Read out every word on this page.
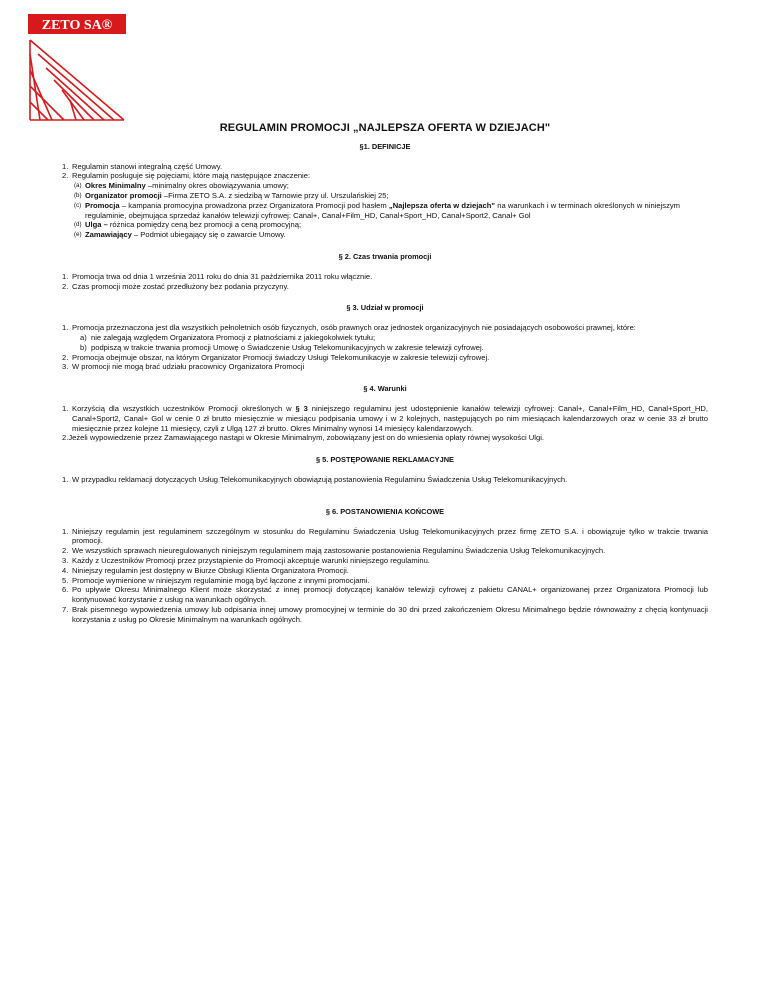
ZETO SA®
REGULAMIN PROMOCJI „NAJLEPSZA OFERTA W DZIEJACH"
§1. DEFINICJE
1. Regulamin stanowi integralną część Umowy.
2. Regulamin posługuje się pojęciami, które mają następujące znaczenie:
(a) Okres Minimalny –minimalny okres obowiązywania umowy;
(b) Organizator promocji –Firma ZETO S.A. z siedzibą w Tarnowie przy ul. Urszulańskiej 25;
(c) Promocja – kampania promocyjna prowadzona przez Organizatora Promocji pod hasłem „Najlepsza oferta w dziejach" na warunkach i w terminach określonych w niniejszym regulaminie, obejmująca sprzedaż kanałów telewizji cyfrowej: Canal+, Canal+Film_HD, Canal+Sport_HD, Canal+Sport2, Canal+ Gol
(d) Ulga – różnica pomiędzy ceną bez promocji a ceną promocyjną;
(e) Zamawiający – Podmiot ubiegający się o zawarcie Umowy.
§ 2. Czas trwania promocji
1. Promocja trwa od dnia 1 września 2011 roku do dnia 31 października 2011 roku włącznie.
2. Czas promocji może zostać przedłużony bez podania przyczyny.
§ 3. Udział w promocji
1. Promocja przeznaczona jest dla wszystkich pełnoletnich osób fizycznych, osób prawnych oraz jednostek organizacyjnych nie posiadających osobowości prawnej, które:
a) nie zalegają względem Organizatora Promocji z płatnościami z jakiegokolwiek tytułu;
b) podpiszą w trakcie trwania promocji Umowę o Świadczenie Usług Telekomunikacyjnych w zakresie telewizji cyfrowej.
2. Promocja obejmuje obszar, na którym Organizator Promocji świadczy Usługi Telekomunikacyje w zakresie telewizji cyfrowej.
3. W promocji nie mogą brać udziału pracownicy Organizatora Promocji
§ 4. Warunki
1. Korzyścią dla wszystkich uczestników Promocji określonych w § 3 niniejszego regulaminu jest udostępnienie kanałów telewizji cyfrowej: Canal+, Canal+Film_HD, Canal+Sport_HD, Canal+Sport2, Canal+ Gol w cenie 0 zł brutto miesięcznie w miesiącu podpisania umowy i w 2 kolejnych, następujących po nim miesiącach kalendarzowych oraz w cenie 33 zł brutto miesięcznie przez kolejne 11 miesięcy, czyli z Ulgą 127 zł brutto. Okres Minimalny wynosi 14 miesięcy kalendarzowych.
2.Jeżeli wypowiedzenie przez Zamawiającego nastąpi w Okresie Minimalnym, zobowiązany jest on do wniesienia opłaty równej wysokości Ulgi.
§ 5. POSTĘPOWANIE REKLAMACYJNE
1. W przypadku reklamacji dotyczących Usług Telekomunikacyjnych obowiązują postanowienia Regulaminu Świadczenia Usług Telekomunikacyjnych.
§ 6. POSTANOWIENIA KOŃCOWE
1. Niniejszy regulamin jest regulaminem szczególnym w stosunku do Regulaminu Świadczenia Usług Telekomunikacyjnych przez firmę ZETO S.A. i obowiązuje tylko w trakcie trwania promocji.
2. We wszystkich sprawach nieuregulowanych niniejszym regulaminem mają zastosowanie postanowienia Regulaminu Świadczenia Usług Telekomunikacyjnych.
3. Każdy z Uczestników Promocji przez przystąpienie do Promocji akceptuje warunki niniejszego regulaminu.
4. Niniejszy regulamin jest dostępny w Biurze Obsługi Klienta Organizatora Promocji.
5. Promocje wymienione w niniejszym regulaminie mogą być łączone z innymi promocjami.
6. Po upływie Okresu Minimalnego Klient może skorzystać z innej promocji dotyczącej kanałów telewizji cyfrowej z pakietu CANAL+ organizowanej przez Organizatora Promocji lub kontynuować korzystanie z usług na warunkach ogólnych.
7. Brak pisemnego wypowiedzenia umowy lub odpisania innej umowy promocyjnej w terminie do 30 dni przed zakończeniem Okresu Minimalnego będzie równoważny z chęcią kontynuacji korzystania z usług po Okresie Minimalnym na warunkach ogólnych.
